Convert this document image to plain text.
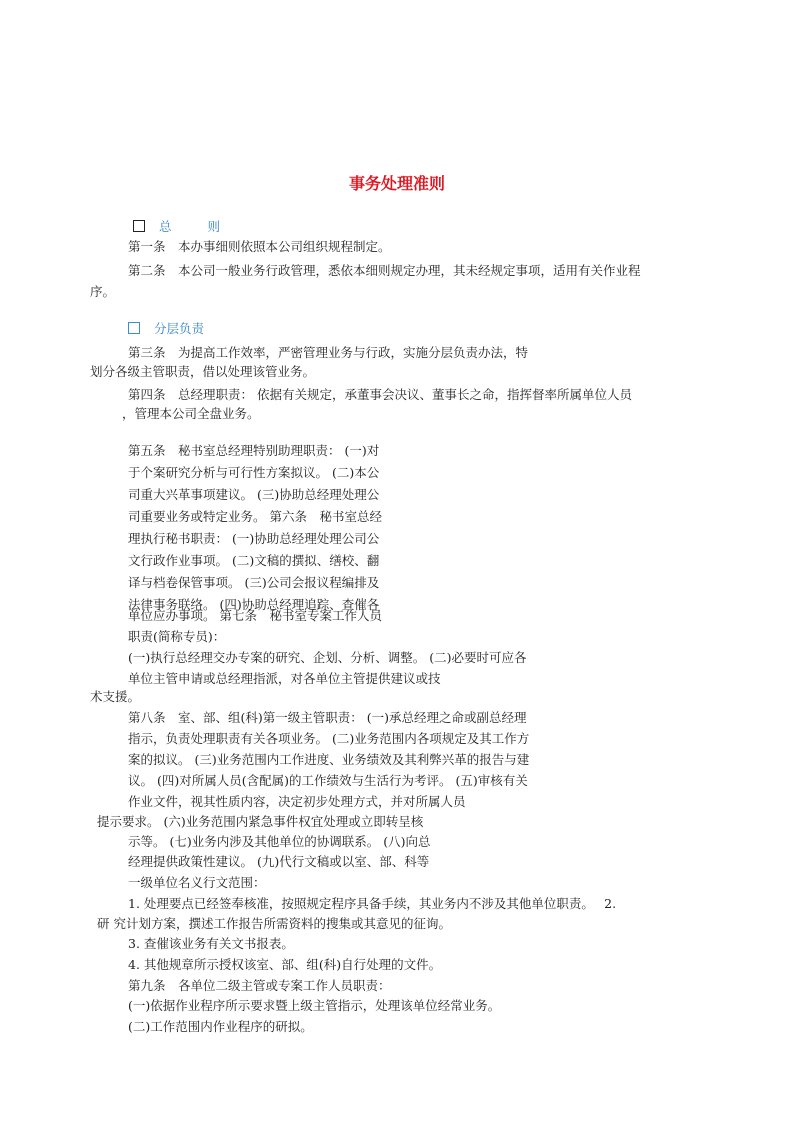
事务处理准则
总	则
第一条　本办事细则依照本公司组织规程制定。
第二条　本公司一般业务行政管理，悉依本细则规定办理，其未经规定事项，适用有关作业程
序。
分层负责
第三条　为提高工作效率，严密管理业务与行政，实施分层负责办法，特
划分各级主管职责，借以处理该管业务。
第四条　总经理职责： 依据有关规定，承董事会决议、董事长之命，指挥督率所属单位人员
，管理本公司全盘业务。
第五条　秘书室总经理特别助理职责： (一)对
于个案研究分析与可行性方案拟议。 (二)本公
司重大兴革事项建议。 (三)协助总经理处理公
司重要业务或特定业务。 第六条　秘书室总经
理执行秘书职责： (一)协助总经理处理公司公
文行政作业事项。 (二)文稿的撰拟、缮校、翻
译与档卷保管事项。 (三)公司会报议程编排及
法律事务联络。 (四)协助总经理追踪、查催各
单位应办事项。 第七条　秘书室专案工作人员
职责(简称专员)：
(一)执行总经理交办专案的研究、企划、分析、调整。 (二)必要时可应各
单位主管申请或总经理指派，对各单位主管提供建议或技
术支援。
第八条　室、部、组(科)第一级主管职责： (一)承总经理之命或副总经理
指示，负责处理职责有关各项业务。 (二)业务范围内各项规定及其工作方
案的拟议。 (三)业务范围内工作进度、业务绩效及其利弊兴革的报告与建
议。 (四)对所属人员(含配属)的工作绩效与生活行为考评。 (五)审核有关
作业文件，视其性质内容，决定初步处理方式，并对所属人员
提示要求。 (六)业务范围内紧急事件权宜处理或立即转呈核
示等。 (七)业务内涉及其他单位的协调联系。 (八)向总
经理提供政策性建议。 (九)代行文稿或以室、部、科等
一级单位名义行文范围：
1. 处理要点已经签奉核准，按照规定程序具备手续，其业务内不涉及其他单位职责。　 2.
研 究计划方案，撰述工作报告所需资料的搜集或其意见的征询。
3. 查催该业务有关文书报表。
4. 其他规章所示授权该室、部、组(科)自行处理的文件。
第九条　各单位二级主管或专案工作人员职责：
(一)依据作业程序所示要求暨上级主管指示，处理该单位经常业务。
(二)工作范围内作业程序的研拟。
